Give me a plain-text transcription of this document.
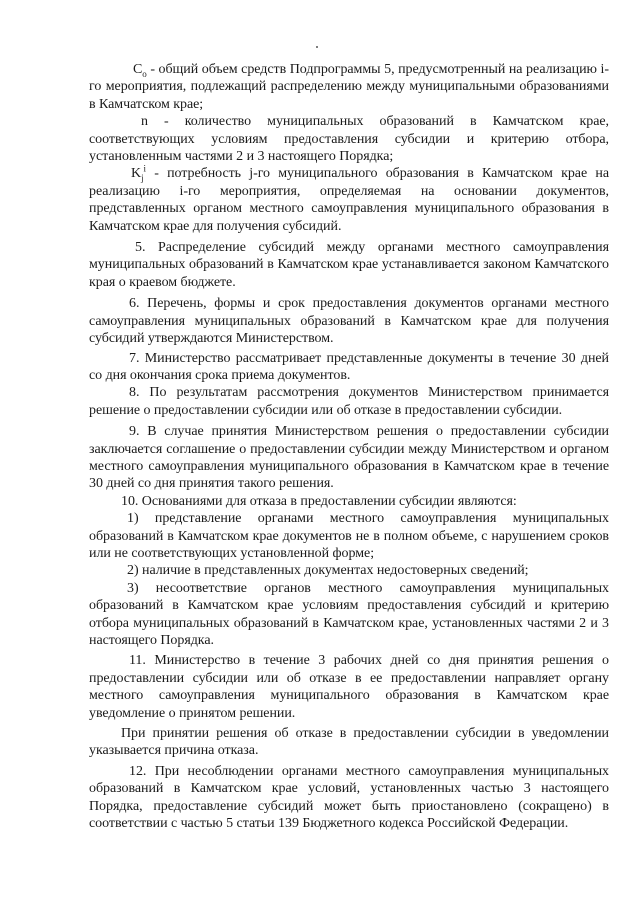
$C_o$ - общий объем средств Подпрограммы 5, предусмотренный на реализацию i-го мероприятия, подлежащий распределению между муниципальными образованиями в Камчатском крае;

n - количество муниципальных образований в Камчатском крае, соответствующих условиям предоставления субсидии и критерию отбора, установленным частями 2 и 3 настоящего Порядка;

$K_j^i$ - потребность j-го муниципального образования в Камчатском крае на реализацию i-го мероприятия, определяемая на основании документов, представленных органом местного самоуправления муниципального образования в Камчатском крае для получения субсидий.

5. Распределение субсидий между органами местного самоуправления муниципальных образований в Камчатском крае устанавливается законом Камчатского края о краевом бюджете.

6. Перечень, формы и срок предоставления документов органами местного самоуправления муниципальных образований в Камчатском крае для получения субсидий утверждаются Министерством.

7. Министерство рассматривает представленные документы в течение 30 дней со дня окончания срока приема документов.

8. По результатам рассмотрения документов Министерством принимается решение о предоставлении субсидии или об отказе в предоставлении субсидии.

9. В случае принятия Министерством решения о предоставлении субсидии заключается соглашение о предоставлении субсидии между Министерством и органом местного самоуправления муниципального образования в Камчатском крае в течение 30 дней со дня принятия такого решения.

10. Основаниями для отказа в предоставлении субсидии являются:

1) представление органами местного самоуправления муниципальных образований в Камчатском крае документов не в полном объеме, с нарушением сроков или не соответствующих установленной форме;

2) наличие в представленных документах недостоверных сведений;

3) несоответствие органов местного самоуправления муниципальных образований в Камчатском крае условиям предоставления субсидий и критерию отбора муниципальных образований в Камчатском крае, установленных частями 2 и 3 настоящего Порядка.

11. Министерство в течение 3 рабочих дней со дня принятия решения о предоставлении субсидии или об отказе в ее предоставлении направляет органу местного самоуправления муниципального образования в Камчатском крае уведомление о принятом решении.

При принятии решения об отказе в предоставлении субсидии в уведомлении указывается причина отказа.

12. При несоблюдении органами местного самоуправления муниципальных образований в Камчатском крае условий, установленных частью 3 настоящего Порядка, предоставление субсидий может быть приостановлено (сокращено) в соответствии с частью 5 статьи 139 Бюджетного кодекса Российской Федерации.
